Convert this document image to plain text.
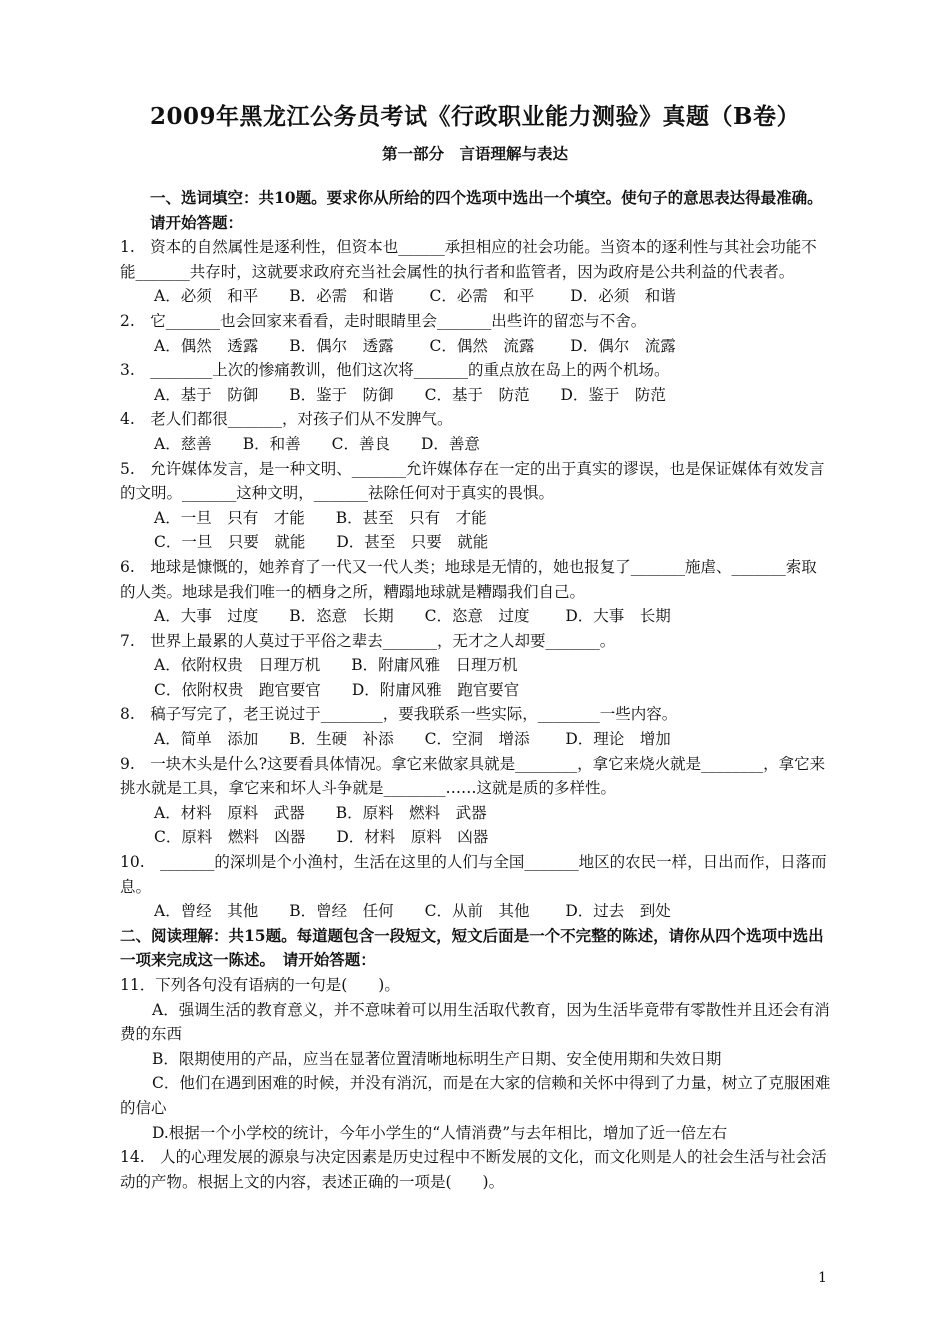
2009年黑龙江公务员考试《行政职业能力测验》真题（B卷）
第一部分　言语理解与表达

一、选词填空：共10题。要求你从所给的四个选项中选出一个填空。使句子的意思表达得最准确。

请开始答题：

1.　资本的自然属性是逐利性，但资本也______承担相应的社会功能。当资本的逐利性与其社会功能不能_______共存时，这就要求政府充当社会属性的执行者和监管者，因为政府是公共利益的代表者。

A．必须　和平　　B．必需　和谐　　 C．必需　和平　　 D．必须　和谐

2.　它_______也会回家来看看，走时眼睛里会_______出些许的留恋与不舍。

A．偶然　透露　　B．偶尔　透露　　 C．偶然　流露　　 D．偶尔　流露

3.　________上次的惨痛教训，他们这次将_______的重点放在岛上的两个机场。

A．基于　防御　　B．鉴于　防御　　C．基于　防范　　D．鉴于　防范

4.　老人们都很_______，对孩子们从不发脾气。

A．慈善　　B．和善　　C．善良　　D．善意

5.　允许媒体发言，是一种文明、_______允许媒体存在一定的出于真实的谬误，也是保证媒体有效发言的文明。_______这种文明，_______祛除任何对于真实的畏惧。

A．一旦　只有　才能　　B．甚至　只有　才能

C．一旦　只要　就能　　D．甚至　只要　就能

6.　地球是慷慨的，她养育了一代又一代人类；地球是无情的，她也报复了_______施虐、_______索取的人类。地球是我们唯一的栖身之所，糟蹋地球就是糟蹋我们自己。

A．大事　过度　　B．恣意　长期　　C．恣意　过度　　 D．大事　长期

7.　世界上最累的人莫过于平俗之辈去_______，无才之人却要_______。

A．依附权贵　日理万机　　B．附庸风雅　日理万机

C．依附权贵　跑官要官　　D．附庸风雅　跑官要官

8.　稿子写完了，老王说过于________，要我联系一些实际，________一些内容。

A．简单　添加　　B．生硬　补添　　C．空洞　增添　　 D．理论　增加

9.　一块木头是什么?这要看具体情况。拿它来做家具就是________，拿它来烧火就是________，拿它来挑水就是工具，拿它来和坏人斗争就是________……这就是质的多样性。

A．材料　原料　武器　　B．原料　燃料　武器

C．原料　燃料　凶器　　D．材料　原料　凶器

10.　_______的深圳是个小渔村，生活在这里的人们与全国_______地区的农民一样，日出而作，日落而息。

A．曾经　其他　　B．曾经　任何　　C．从前　其他　　 D．过去　到处

二、阅读理解：共15题。每道题包含一段短文，短文后面是一个不完整的陈述，请你从四个选项中选出一项来完成这一陈述。　请开始答题：

11．下列各句没有语病的一句是(　　)。

A．强调生活的教育意义，并不意味着可以用生活取代教育，因为生活毕竟带有零散性并且还会有消费的东西

B．限期使用的产品，应当在显著位置清晰地标明生产日期、安全使用期和失效日期

C．他们在遇到困难的时候，并没有消沉，而是在大家的信赖和关怀中得到了力量，树立了克服困难的信心

D.根据一个小学校的统计，今年小学生的“人情消费”与去年相比，增加了近一倍左右

14.　人的心理发展的源泉与决定因素是历史过程中不断发展的文化，而文化则是人的社会生活与社会活动的产物。根据上文的内容，表述正确的一项是(　　)。

1
